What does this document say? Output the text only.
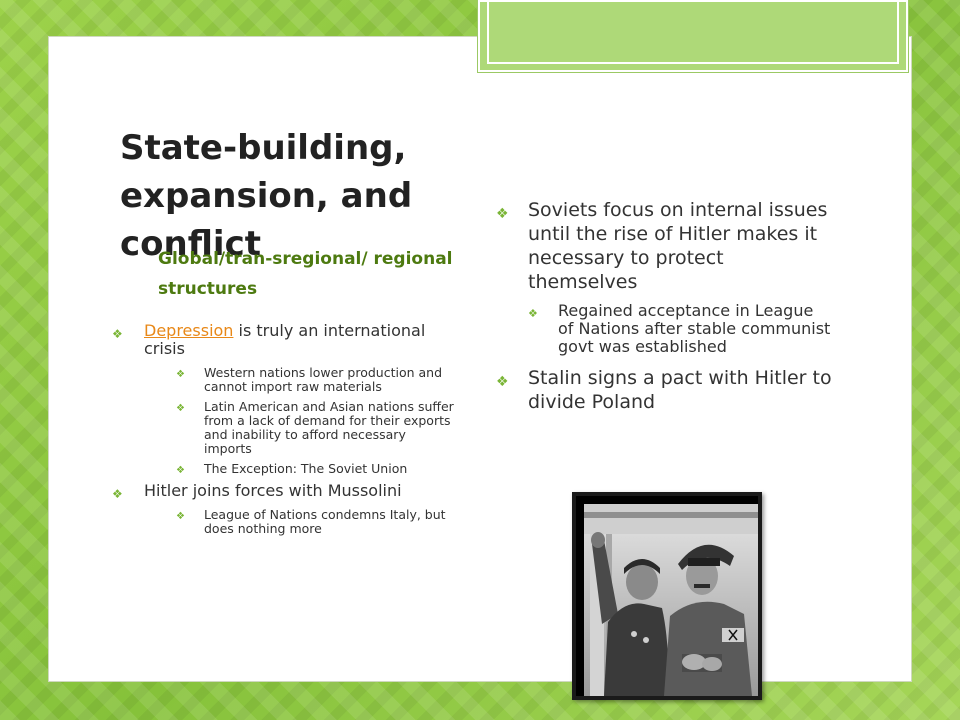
State-building, expansion, and conflict
Global/tran-sregional/ regional structures
❖ Depression is truly an international crisis
❖ Western nations lower production and cannot import raw materials
❖ Latin American and Asian nations suffer from a lack of demand for their exports and inability to afford necessary imports
❖ The Exception: The Soviet Union
❖ Hitler joins forces with Mussolini
❖ League of Nations condemns Italy, but does nothing more
❖ Soviets focus on internal issues until the rise of Hitler makes it necessary to protect themselves
❖ Regained acceptance in League of Nations after stable communist govt was established
❖ Stalin signs a pact with Hitler to divide Poland
